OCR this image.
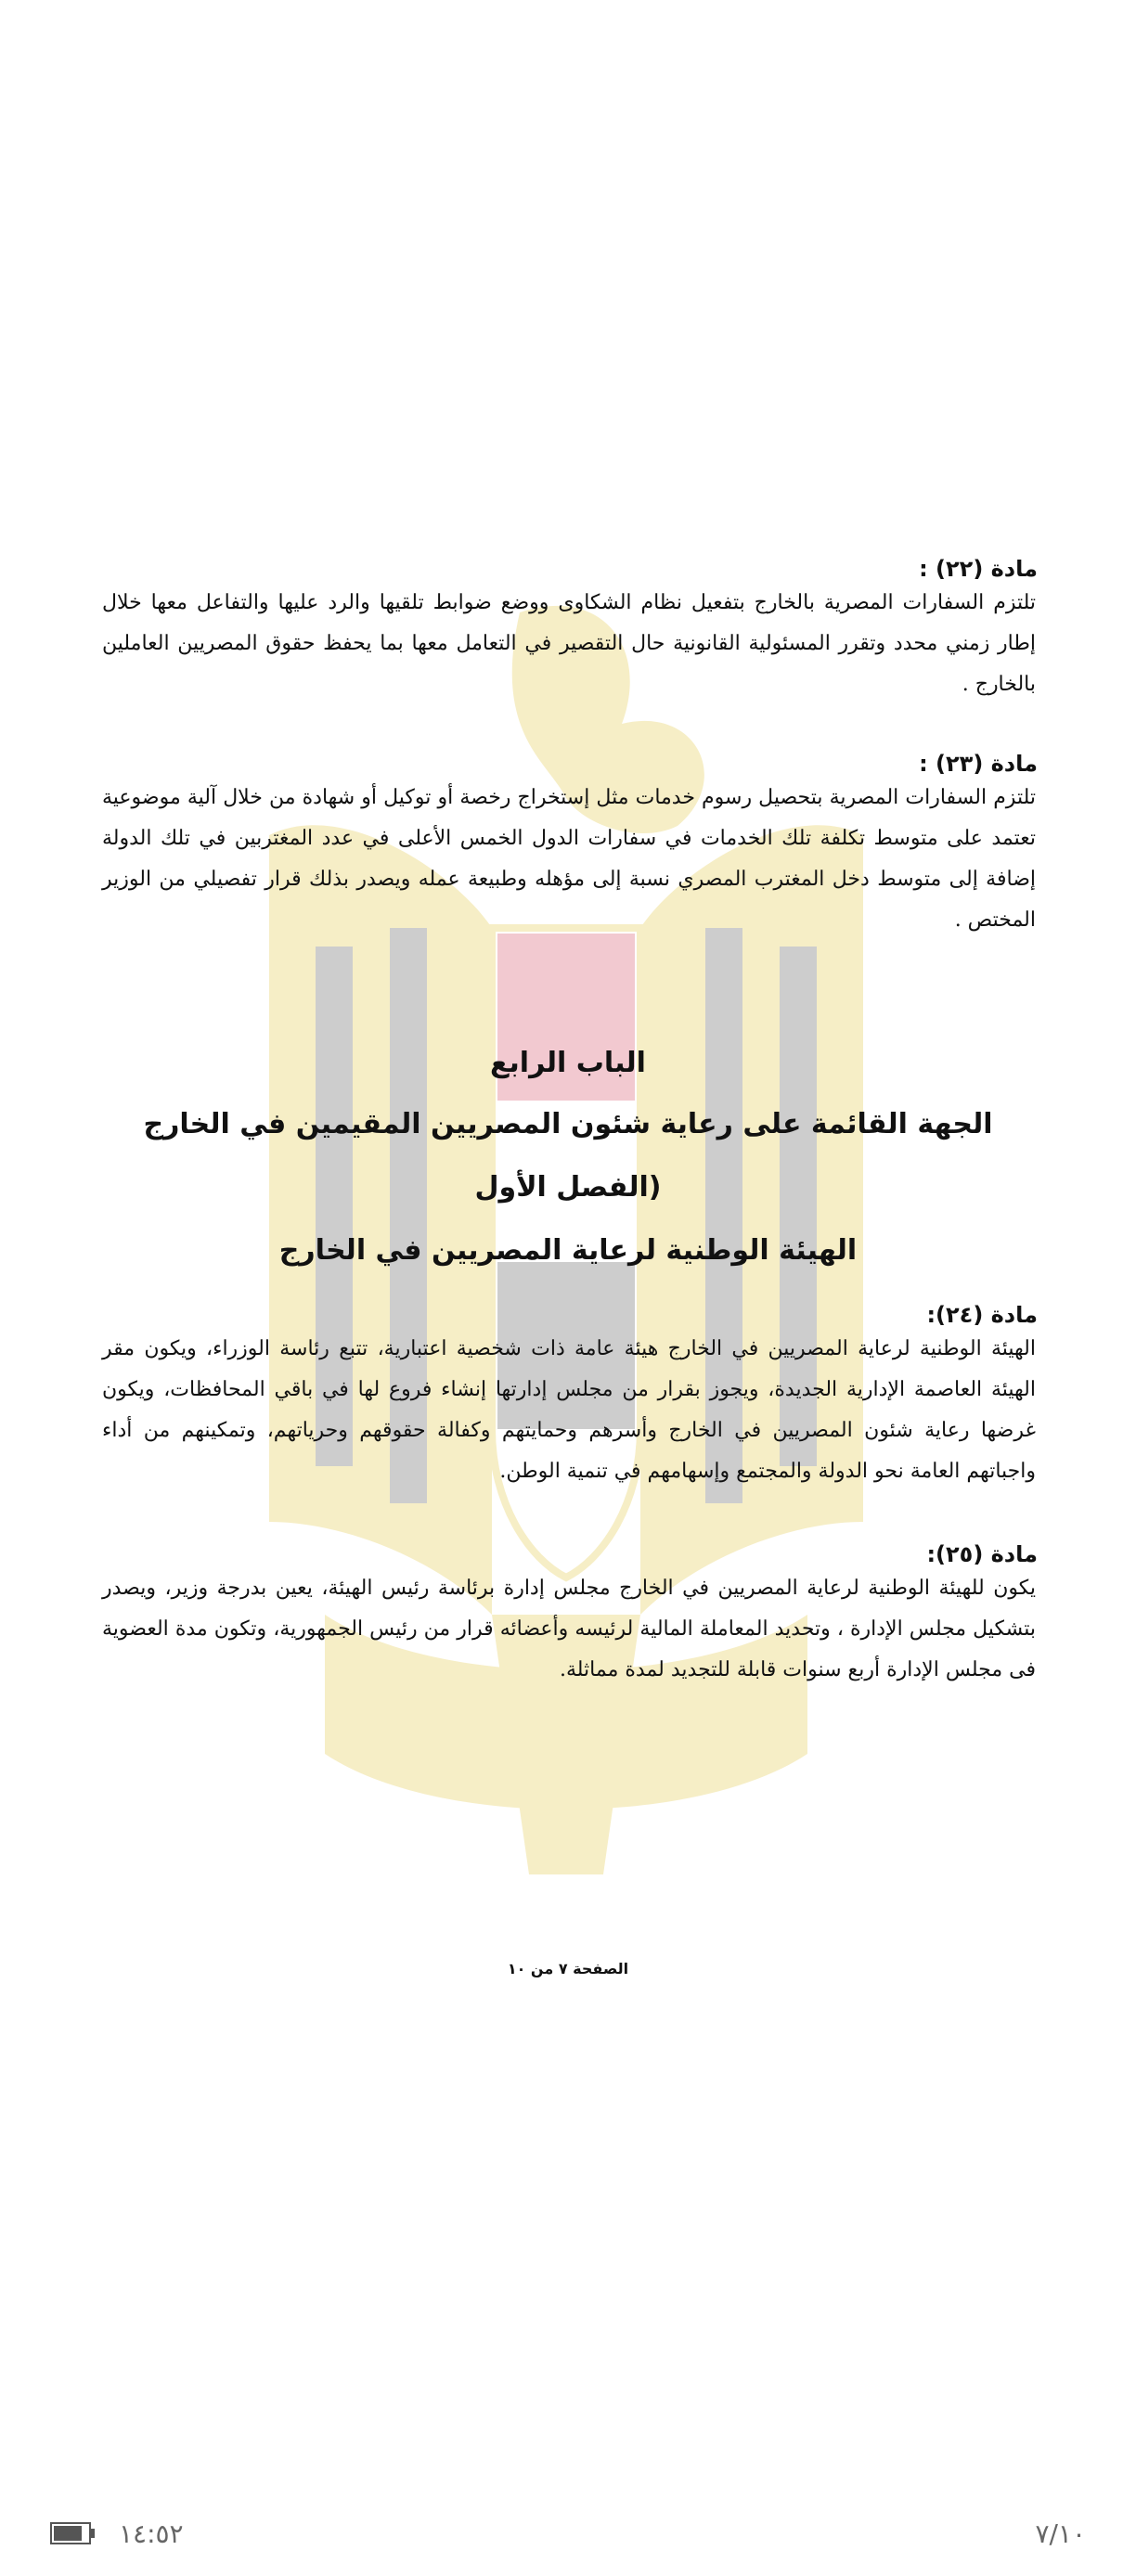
مادة (٢٢) :
تلتزم السفارات المصرية بالخارج بتفعيل نظام الشكاوى ووضع ضوابط تلقيها والرد عليها والتفاعل معها خلال إطار زمني محدد وتقرر المسئولية القانونية حال التقصير في التعامل معها بما يحفظ حقوق المصريين العاملين بالخارج .
مادة (٢٣) :
تلتزم السفارات المصرية بتحصيل رسوم خدمات مثل إستخراج رخصة أو توكيل أو شهادة من خلال آلية موضوعية تعتمد على متوسط تكلفة تلك الخدمات في سفارات الدول الخمس الأعلى في عدد المغتربين في تلك الدولة إضافة إلى متوسط دخل المغترب المصري نسبة إلى مؤهله وطبيعة عمله ويصدر بذلك قرار تفصيلي من الوزير المختص .
الباب الرابع
الجهة القائمة على رعاية شئون المصريين المقيمين في الخارج
(الفصل الأول
الهيئة الوطنية لرعاية المصريين في الخارج
مادة (٢٤):
الهيئة الوطنية لرعاية المصريين في الخارج هيئة عامة ذات شخصية اعتبارية، تتبع رئاسة الوزراء، ويكون مقر الهيئة العاصمة الإدارية الجديدة، ويجوز بقرار من مجلس إدارتها إنشاء فروع لها في باقي المحافظات، ويكون غرضها رعاية شئون المصريين في الخارج وأسرهم وحمايتهم وكفالة حقوقهم وحرياتهم، وتمكينهم من أداء واجباتهم العامة نحو الدولة والمجتمع وإسهامهم في تنمية الوطن.
مادة (٢٥):
يكون للهيئة الوطنية لرعاية المصريين في الخارج مجلس إدارة برئاسة رئيس الهيئة، يعين بدرجة وزير، ويصدر بتشكيل مجلس الإدارة ، وتحديد المعاملة المالية لرئيسه وأعضائه قرار من رئيس الجمهورية، وتكون مدة العضوية فى مجلس الإدارة أربع سنوات قابلة للتجديد لمدة مماثلة.
الصفحة ٧ من ١٠
١٤:٥٢	٧/١٠
